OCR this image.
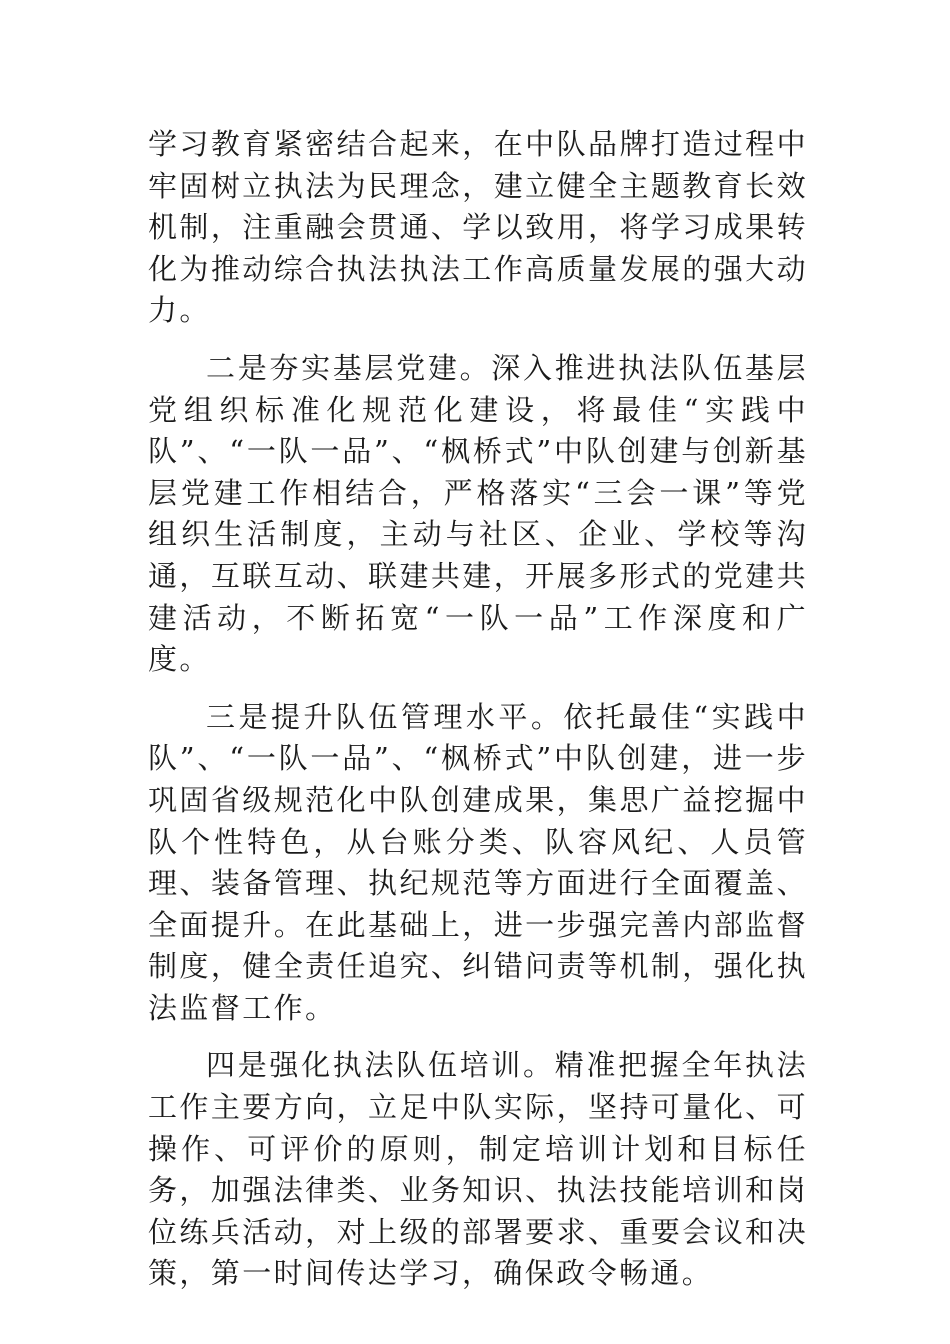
学习教育紧密结合起来，在中队品牌打造过程中牢固树立执法为民理念，建立健全主题教育长效机制，注重融会贯通、学以致用，将学习成果转化为推动综合执法执法工作高质量发展的强大动力。

二是夯实基层党建。深入推进执法队伍基层党组织标准化规范化建设，将最佳“实践中队”、“一队一品”、“枫桥式”中队创建与创新基层党建工作相结合，严格落实“三会一课”等党组织生活制度，主动与社区、企业、学校等沟通，互联互动、联建共建，开展多形式的党建共建活动，不断拓宽“一队一品”工作深度和广度。

三是提升队伍管理水平。依托最佳“实践中队”、“一队一品”、“枫桥式”中队创建，进一步巩固省级规范化中队创建成果，集思广益挖掘中队个性特色，从台账分类、队容风纪、人员管理、装备管理、执纪规范等方面进行全面覆盖、全面提升。在此基础上，进一步强完善内部监督制度，健全责任追究、纠错问责等机制，强化执法监督工作。

四是强化执法队伍培训。精准把握全年执法工作主要方向，立足中队实际，坚持可量化、可操作、可评价的原则，制定培训计划和目标任务，加强法律类、业务知识、执法技能培训和岗位练兵活动，对上级的部署要求、重要会议和决策，第一时间传达学习，确保政令畅通。
